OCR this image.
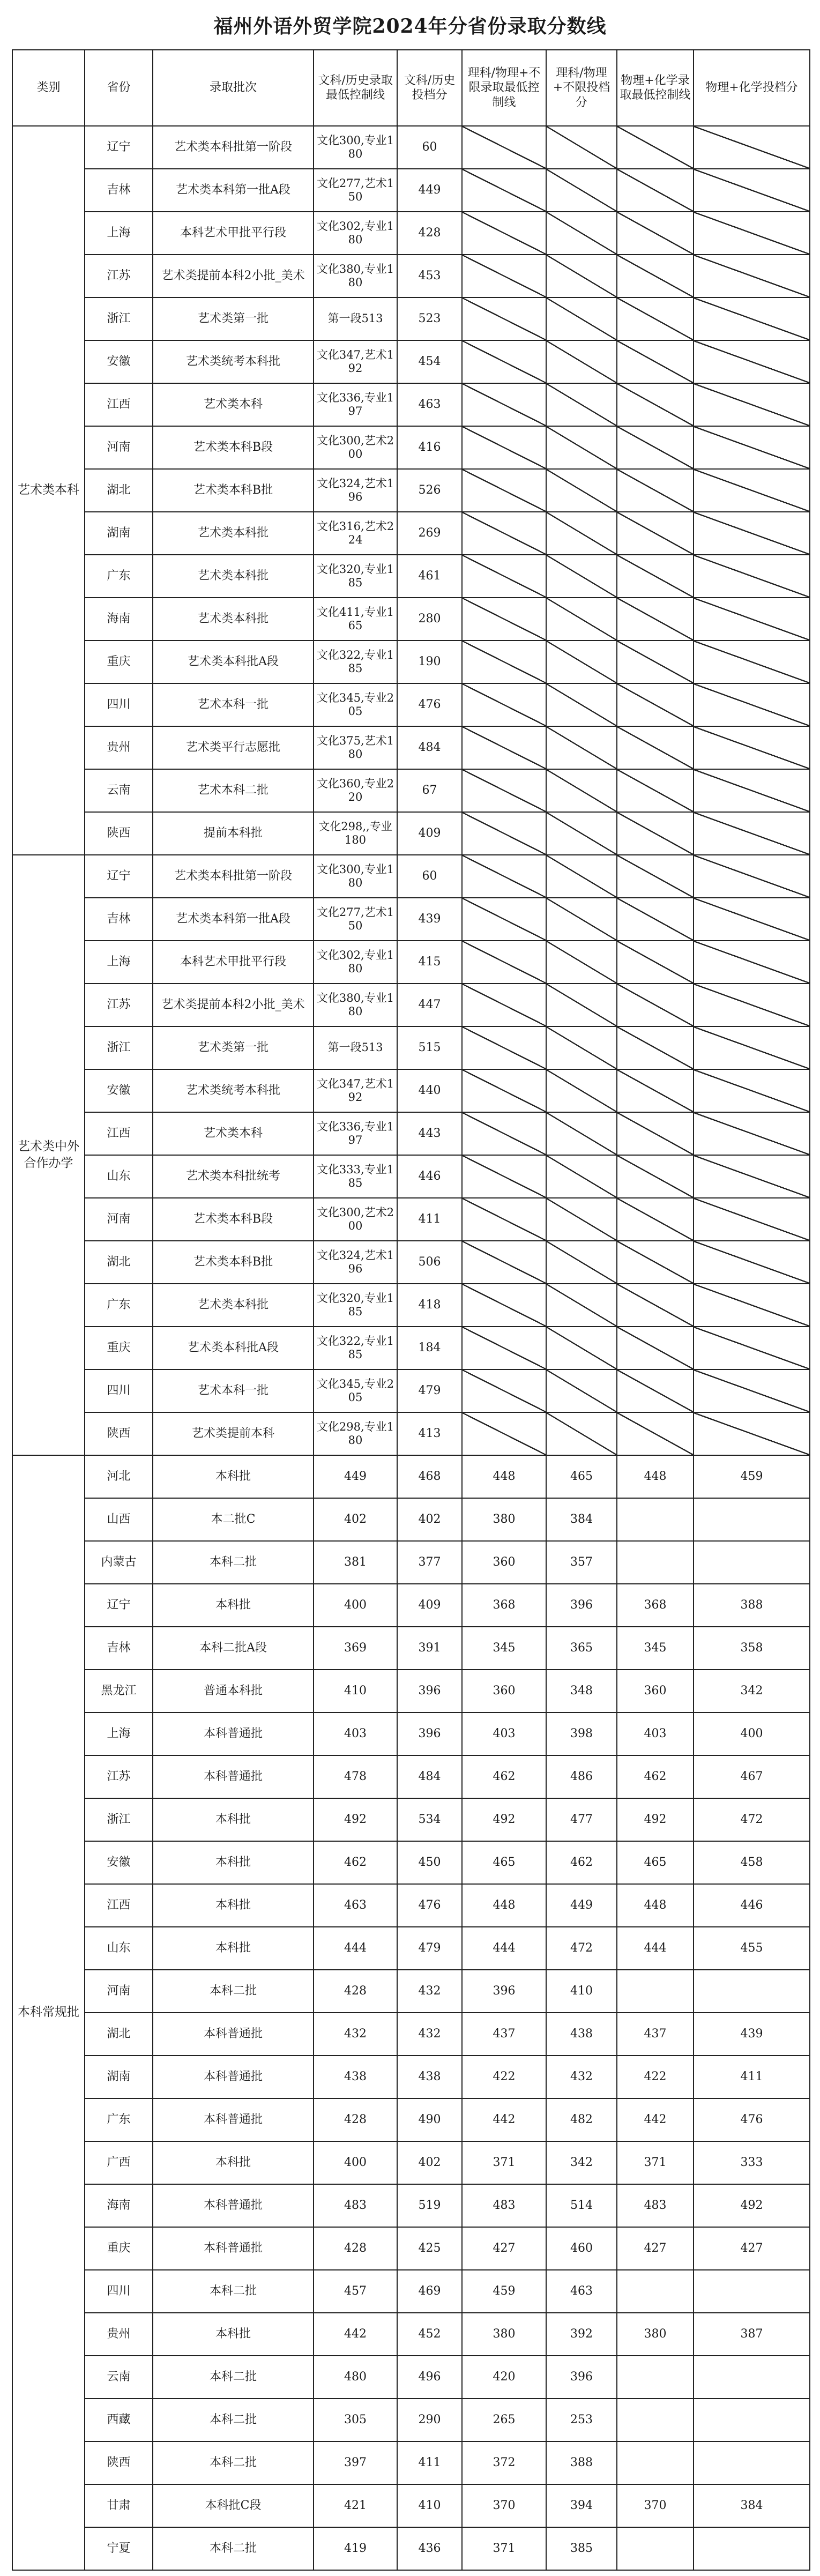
福州外语外贸学院2024年分省份录取分数线
类别	省份	录取批次	文科/历史录取最低控制线	文科/历史投档分	理科/物理+不限录取最低控制线	理科/物理+不限投档分	物理+化学录取最低控制线	物理+化学投档分
艺术类本科	辽宁	艺术类本科批第一阶段	文化300,专业180	60				
	吉林	艺术类本科第一批A段	文化277,艺术150	449				
	上海	本科艺术甲批平行段	文化302,专业180	428				
	江苏	艺术类提前本科2小批_美术	文化380,专业180	453				
	浙江	艺术类第一批	第一段513	523				
	安徽	艺术类统考本科批	文化347,艺术192	454				
	江西	艺术类本科	文化336,专业197	463				
	河南	艺术类本科B段	文化300,艺术200	416				
	湖北	艺术类本科B批	文化324,艺术196	526				
	湖南	艺术类本科批	文化316,艺术224	269				
	广东	艺术类本科批	文化320,专业185	461				
	海南	艺术类本科批	文化411,专业165	280				
	重庆	艺术类本科批A段	文化322,专业185	190				
	四川	艺术本科一批	文化345,专业205	476				
	贵州	艺术类平行志愿批	文化375,艺术180	484				
	云南	艺术本科二批	文化360,专业220	67				
	陕西	提前本科批	文化298,,专业180	409				
艺术类中外合作办学	辽宁	艺术类本科批第一阶段	文化300,专业180	60				
	吉林	艺术类本科第一批A段	文化277,艺术150	439				
	上海	本科艺术甲批平行段	文化302,专业180	415				
	江苏	艺术类提前本科2小批_美术	文化380,专业180	447				
	浙江	艺术类第一批	第一段513	515				
	安徽	艺术类统考本科批	文化347,艺术192	440				
	江西	艺术类本科	文化336,专业197	443				
	山东	艺术类本科批统考	文化333,专业185	446				
	河南	艺术类本科B段	文化300,艺术200	411				
	湖北	艺术类本科B批	文化324,艺术196	506				
	广东	艺术类本科批	文化320,专业185	418				
	重庆	艺术类本科批A段	文化322,专业185	184				
	四川	艺术本科一批	文化345,专业205	479				
	陕西	艺术类提前本科	文化298,专业180	413				
本科常规批	河北	本科批	449	468	448	465	448	459
	山西	本二批C	402	402	380	384		
	内蒙古	本科二批	381	377	360	357		
	辽宁	本科批	400	409	368	396	368	388
	吉林	本科二批A段	369	391	345	365	345	358
	黑龙江	普通本科批	410	396	360	348	360	342
	上海	本科普通批	403	396	403	398	403	400
	江苏	本科普通批	478	484	462	486	462	467
	浙江	本科批	492	534	492	477	492	472
	安徽	本科批	462	450	465	462	465	458
	江西	本科批	463	476	448	449	448	446
	山东	本科批	444	479	444	472	444	455
	河南	本科二批	428	432	396	410		
	湖北	本科普通批	432	432	437	438	437	439
	湖南	本科普通批	438	438	422	432	422	411
	广东	本科普通批	428	490	442	482	442	476
	广西	本科批	400	402	371	342	371	333
	海南	本科普通批	483	519	483	514	483	492
	重庆	本科普通批	428	425	427	460	427	427
	四川	本科二批	457	469	459	463		
	贵州	本科批	442	452	380	392	380	387
	云南	本科二批	480	496	420	396		
	西藏	本科二批	305	290	265	253		
	陕西	本科二批	397	411	372	388		
	甘肃	本科批C段	421	410	370	394	370	384
	宁夏	本科二批	419	436	371	385		
